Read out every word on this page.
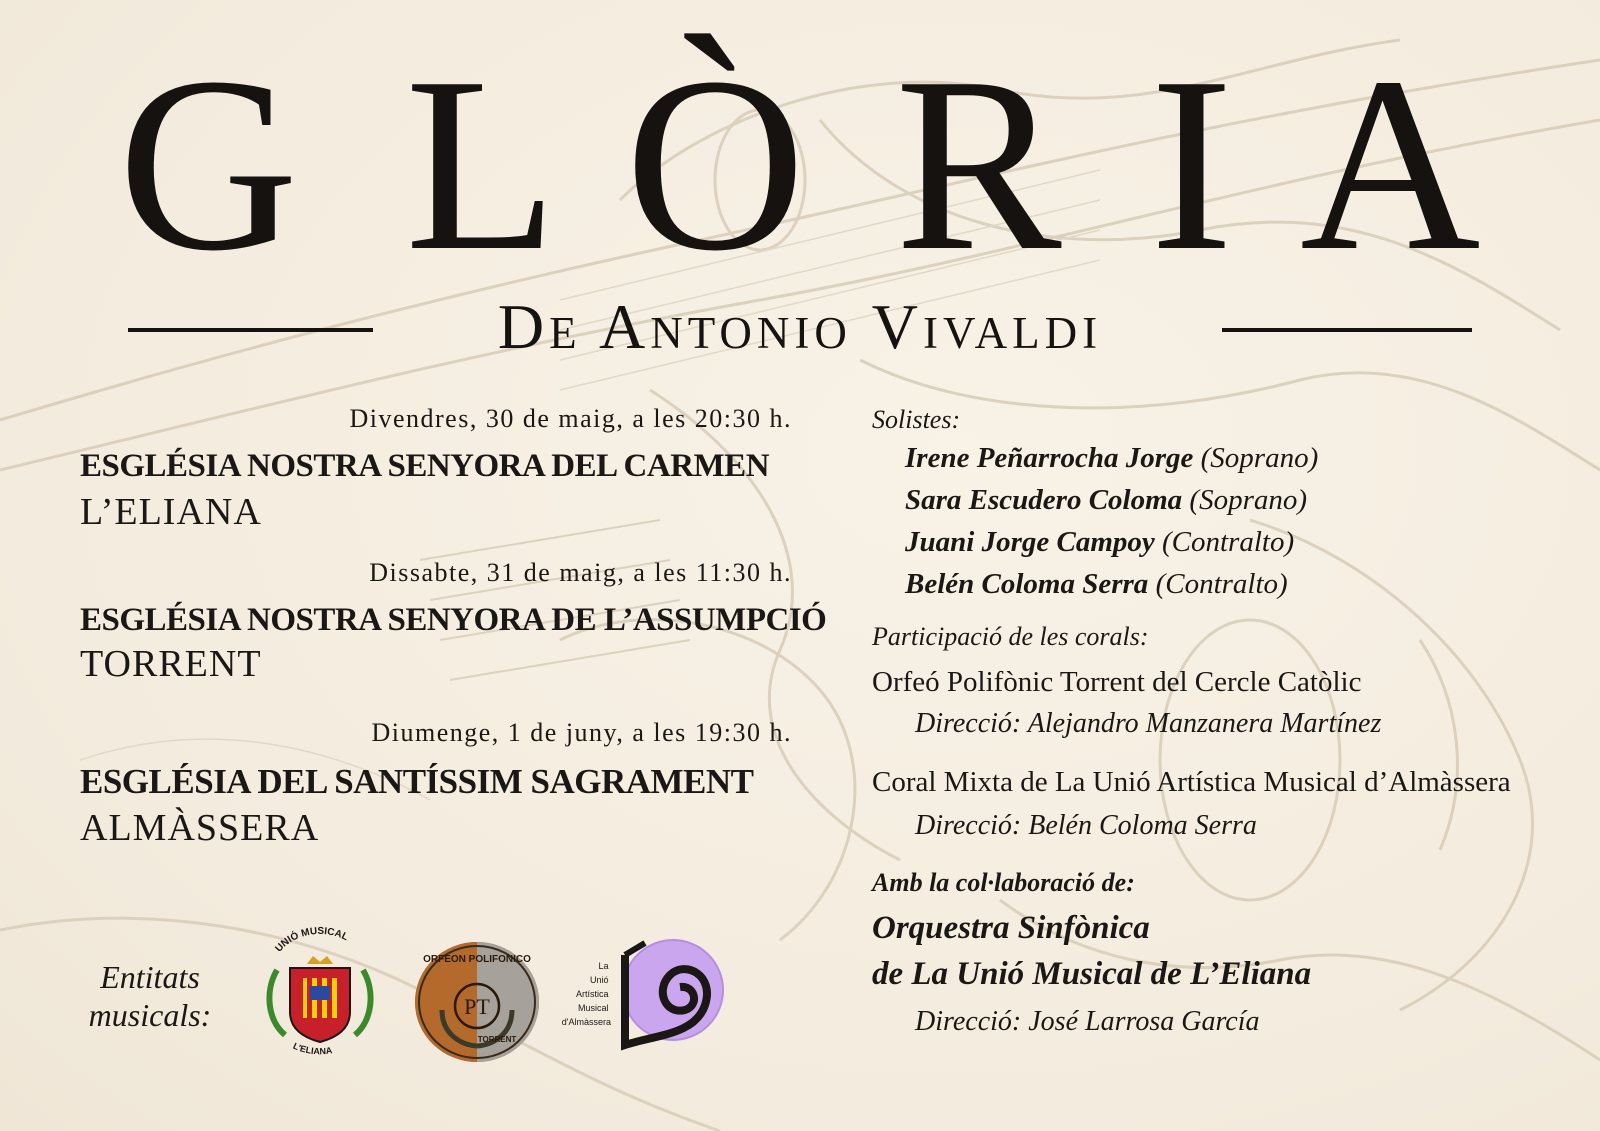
G L Ò R I A
De Antonio Vivaldi
Divendres, 30 de maig, a les 20:30 h.
ESGLÉSIA NOSTRA SENYORA DEL CARMEN
L’ELIANA
Dissabte, 31 de maig, a les 11:30 h.
ESGLÉSIA NOSTRA SENYORA DE L’ASSUMPCIÓ
TORRENT
Diumenge, 1 de juny, a les 19:30 h.
ESGLÉSIA DEL SANTÍSSIM SAGRAMENT
ALMÀSSERA
Solistes:
Irene Peñarrocha Jorge (Soprano)
Sara Escudero Coloma (Soprano)
Juani Jorge Campoy (Contralto)
Belén Coloma Serra (Contralto)
Participació de les corals:
Orfeó Polifònic Torrent del Cercle Catòlic
Direcció: Alejandro Manzanera Martínez
Coral Mixta de La Unió Artística Musical d’Almàssera
Direcció: Belén Coloma Serra
Amb la col·laboració de:
Orquestra Sinfònica
de La Unió Musical de L’Eliana
Direcció: José Larrosa García
Entitats
musicals:
UNIÓ MUSICAL
L'ELIANA
ORFEON POLIFONICO
PT
TORRENT
La Unió Artística Musical d'Almàssera
